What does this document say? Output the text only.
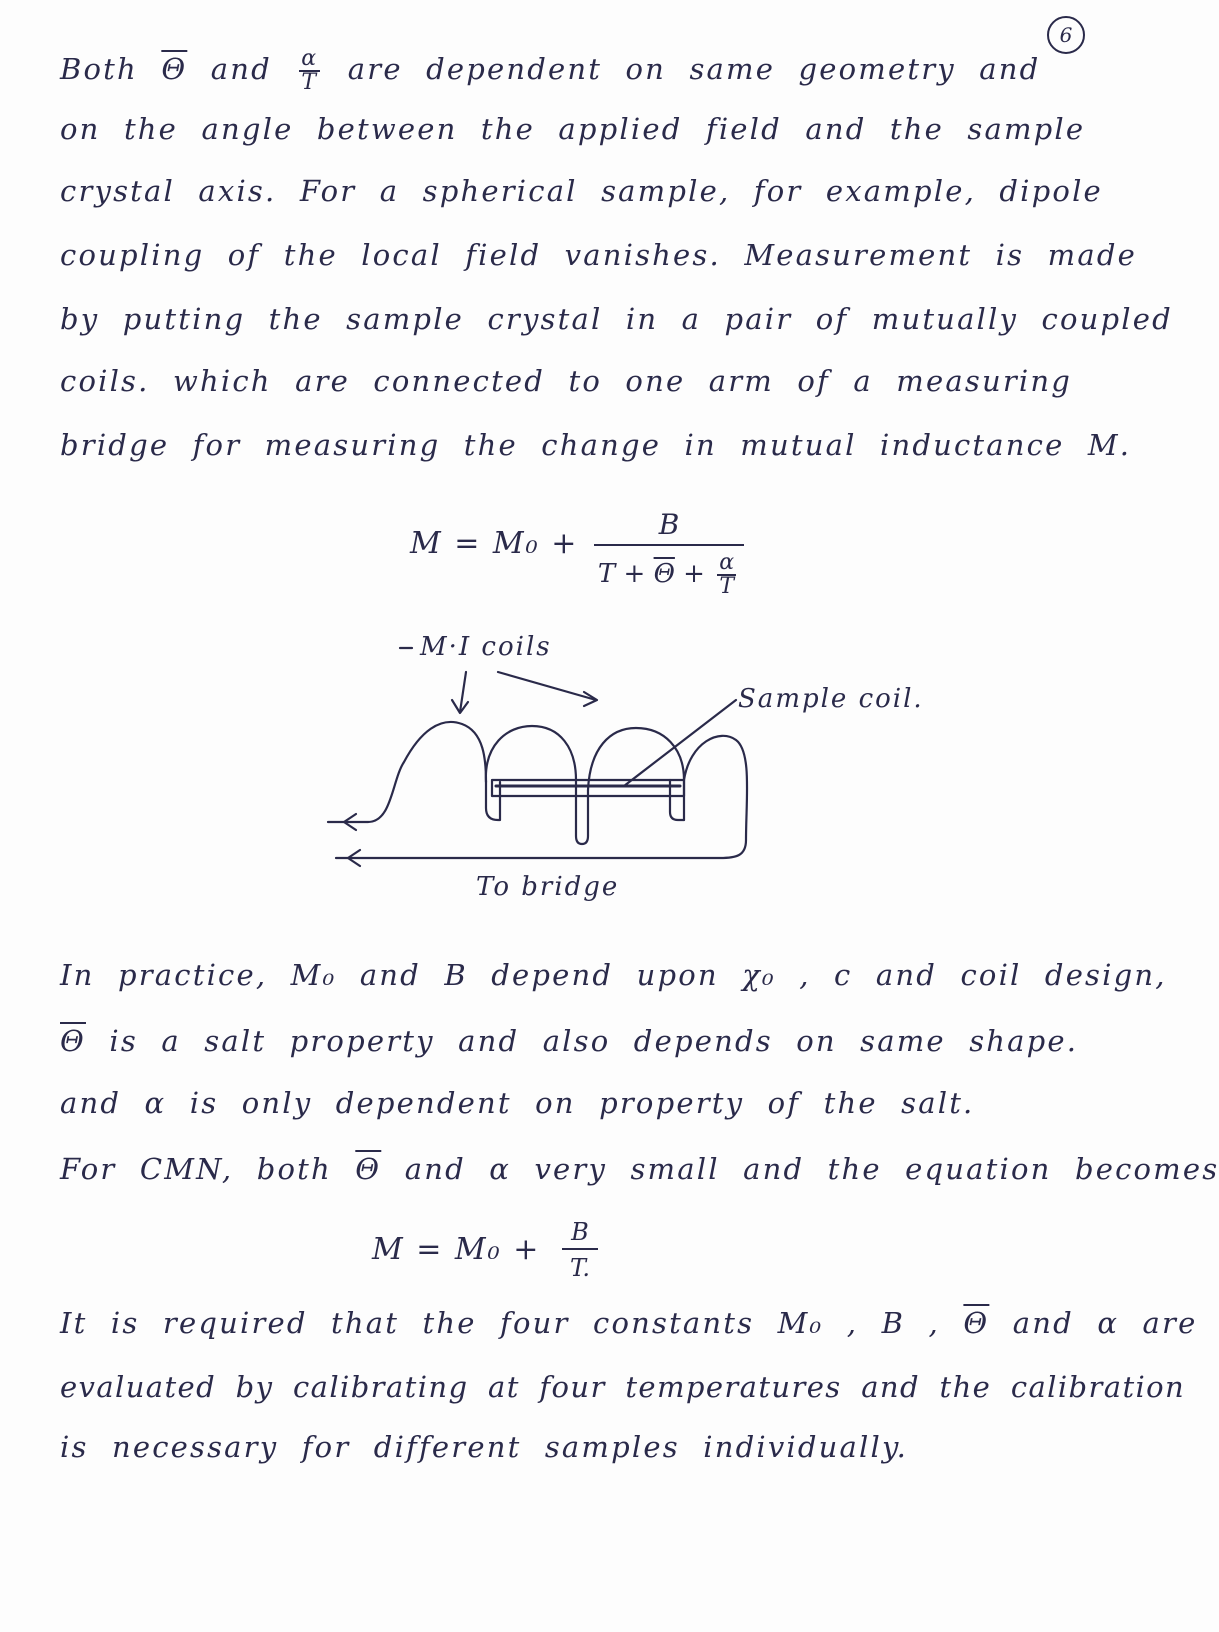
6
Both $\overline{\Theta}$ and $\frac{\alpha}{T}$ are dependent on same geometry and
on the angle between the applied field and the sample
crystal axis. For a spherical sample, for example, dipole
coupling of the local field vanishes. Measurement is made
by putting the sample crystal in a pair of mutually coupled
coils. which are connected to one arm of a measuring
bridge for measuring the change in mutual inductance M.
M = M₀ +
B
$T + \overline{\Theta} + \frac{\alpha}{T}$
M·I coils
Sample coil.
To bridge
In practice, M₀ and B depend upon χ₀ , c and coil design,
$\overline{\Theta}$ is a salt property and also depends on same shape.
and α is only dependent on property of the salt.
For CMN, both $\overline{\Theta}$ and α very small and the equation becomes
M = M₀ +	B
T.
It is required that the four constants M₀ , B , $\overline{\Theta}$ and α are
evaluated by calibrating at four temperatures and the calibration
is necessary for different samples individually.
